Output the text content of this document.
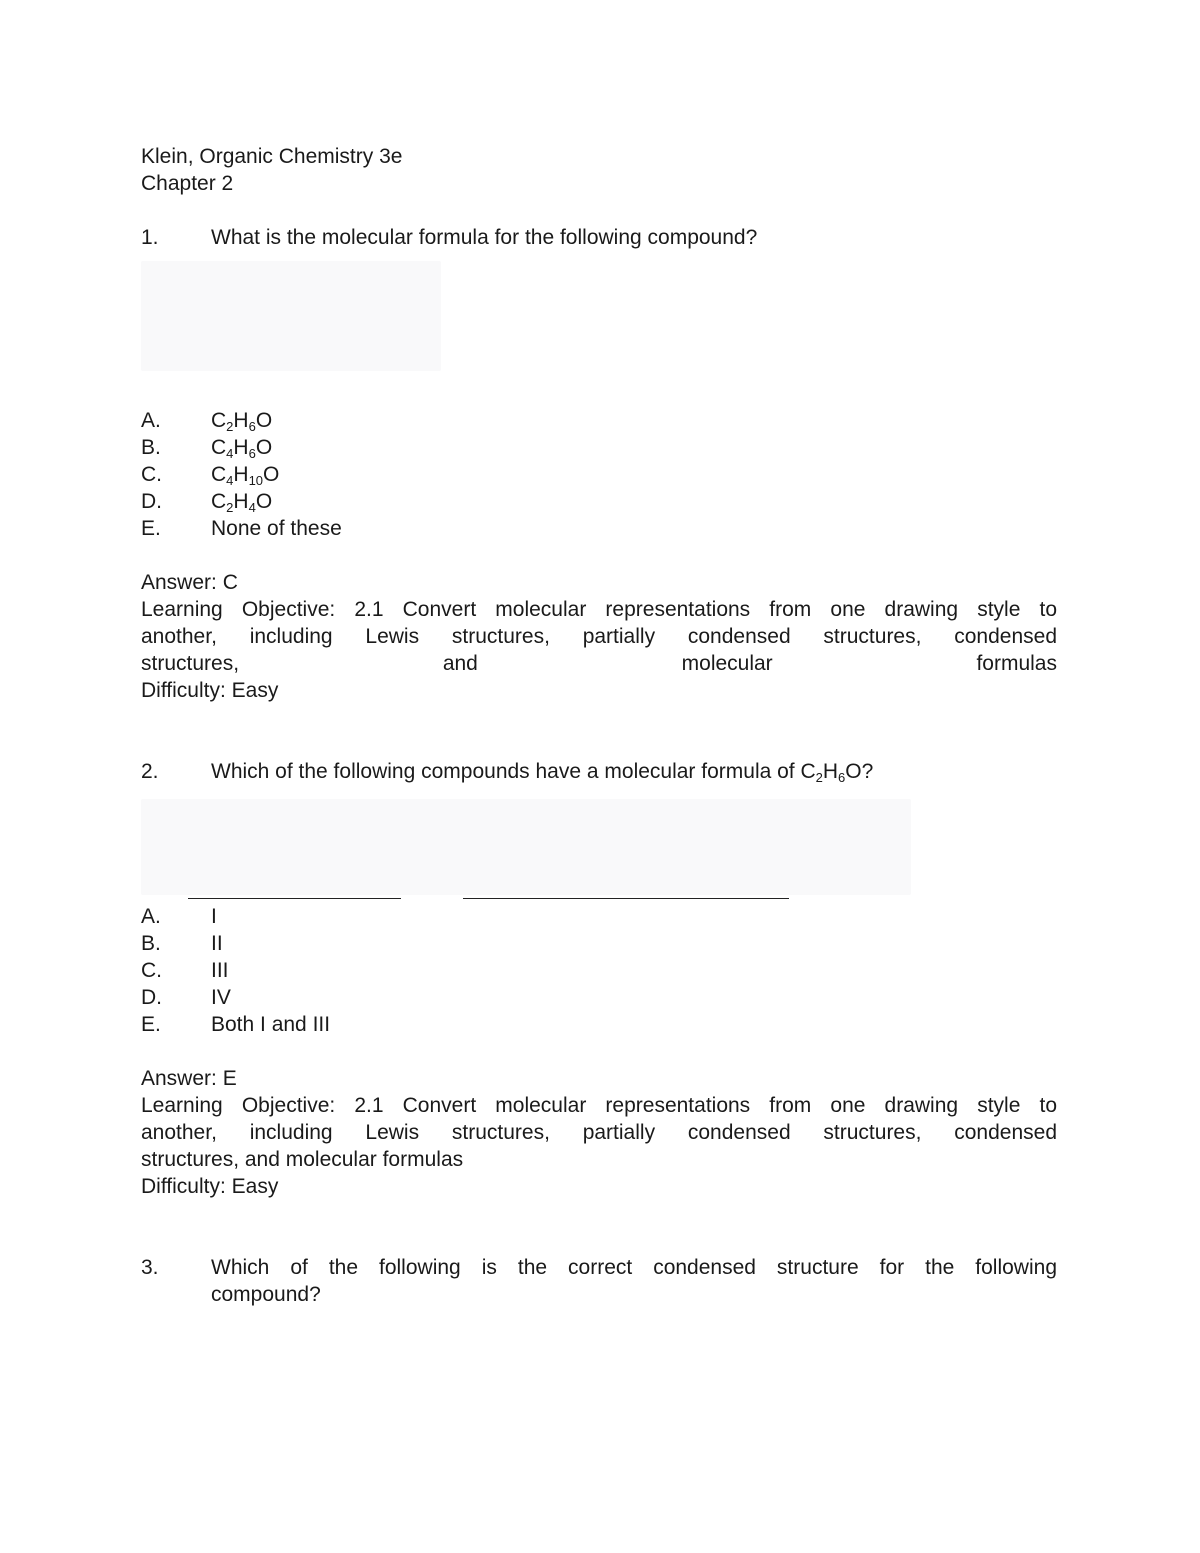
Klein, Organic Chemistry 3e
Chapter 2
1.	What is the molecular formula for the following compound?
A.	$C_2H_6O$
B.	$C_4H_6O$
C.	$C_4H_{10}O$
D.	$C_2H_4O$
E.	None of these
Answer: C
Learning Objective: 2.1 Convert molecular representations from one drawing style to
another, including Lewis structures, partially condensed structures, condensed
structures, and molecular formulas
Difficulty: Easy
2.	Which of the following compounds have a molecular formula of $C_2H_6O$?
A.	I
B.	II
C.	III
D.	IV
E.	Both I and III
Answer: E
Learning Objective: 2.1 Convert molecular representations from one drawing style to
another, including Lewis structures, partially condensed structures, condensed
structures, and molecular formulas
Difficulty: Easy
3.	Which of the following is the correct condensed structure for the following
compound?
